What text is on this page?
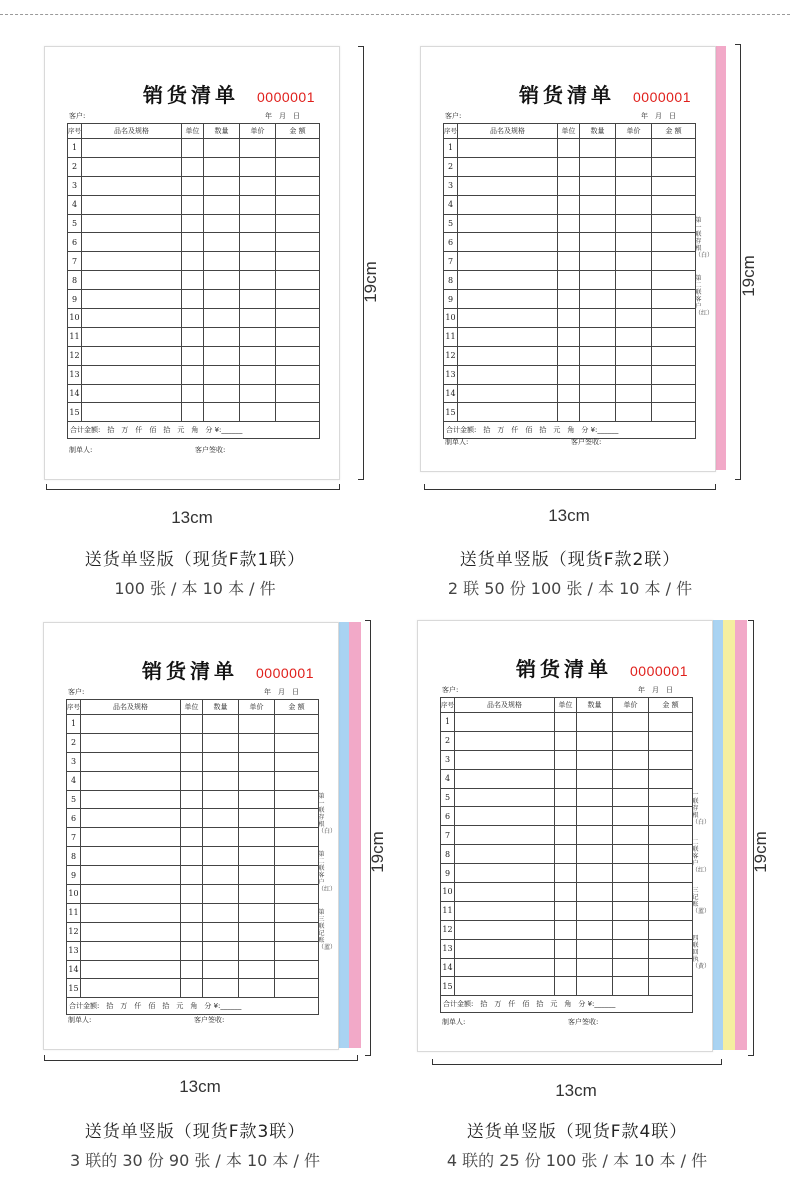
销货清单 0000001
客户:	年　月　日
序号	品名及规格	单位	数量	单价	金 额
1					
2					
3					
4					
5					
6					
7					
8					
9					
10					
11					
12					
13					
14					
15					
合计金额:　拾　万　仟　佰　拾　元　角　分 ¥:______					
制单人:	客户签收:
19cm
13cm
送货单竖版（现货F款1联）
100 张 / 本 10 本 / 件
销货清单 0000001
客户:	年　月　日
序号	品名及规格	单位	数量	单价	金 额
1					
2					
3					
4					
5					
6					
7					
8					
9					
10					
11					
12					
13					
14					
15					
合计金额:　拾　万　仟　佰　拾　元　角　分 ¥:______					
制单人:	客户签收:
第一联存根（白）
第二联客户（红）
19cm
13cm
送货单竖版（现货F款2联）
2 联 50 份 100 张 / 本 10 本 / 件
销货清单 0000001
客户:	年　月　日
序号	品名及规格	单位	数量	单价	金 额
1					
2					
3					
4					
5					
6					
7					
8					
9					
10					
11					
12					
13					
14					
15					
合计金额:　拾　万　仟　佰　拾　元　角　分 ¥:______					
制单人:	客户签收:
第一联存根（白）
第二联客户（红）
第三联记账（蓝）
19cm
13cm
送货单竖版（现货F款3联）
3 联的 30 份 90 张 / 本 10 本 / 件
销货清单 0000001
客户:	年　月　日
序号	品名及规格	单位	数量	单价	金 额
1					
2					
3					
4					
5					
6					
7					
8					
9					
10					
11					
12					
13					
14					
15					
合计金额:　拾　万　仟　佰　拾　元　角　分 ¥:______					
制单人:	客户签收:
一联存根（白）
二联客户（红）
三记账（蓝）
四联回执（黄）
19cm
13cm
送货单竖版（现货F款4联）
4 联的 25 份 100 张 / 本 10 本 / 件
